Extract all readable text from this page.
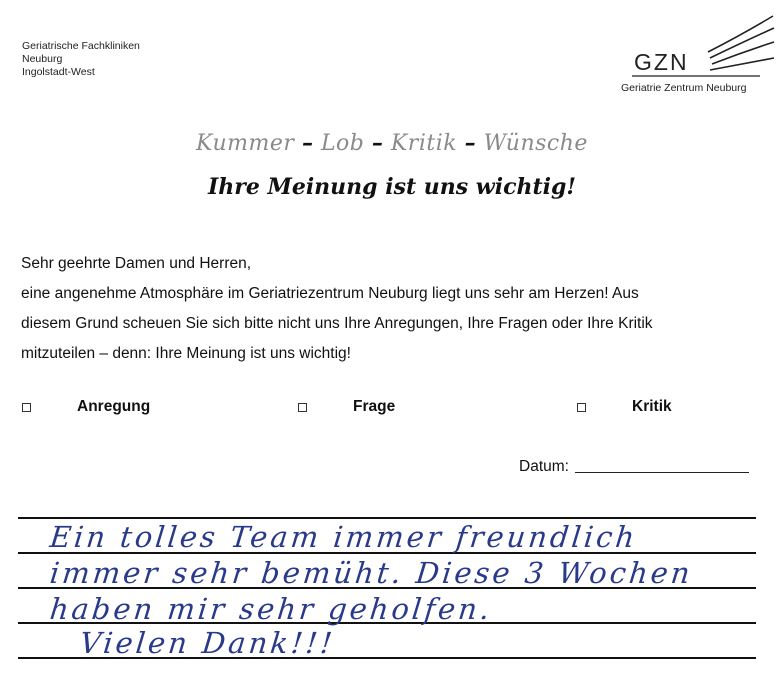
Geriatrische Fachkliniken
Neuburg
Ingolstadt-West	GZN
Geriatrie Zentrum Neuburg
Kummer – Lob – Kritik – Wünsche
Ihre Meinung ist uns wichtig!

Sehr geehrte Damen und Herren,

eine angenehme Atmosphäre im Geriatriezentrum Neuburg liegt uns sehr am Herzen! Aus

diesem Grund scheuen Sie sich bitte nicht uns Ihre Anregungen, Ihre Fragen oder Ihre Kritik

mitzuteilen – denn: Ihre Meinung ist uns wichtig!

Anregung	Frage	Kritik
Datum:
Ein tolles Team immer freundlich
immer sehr bemüht. Diese 3 Wochen
haben mir sehr geholfen.
Vielen Dank!!!
